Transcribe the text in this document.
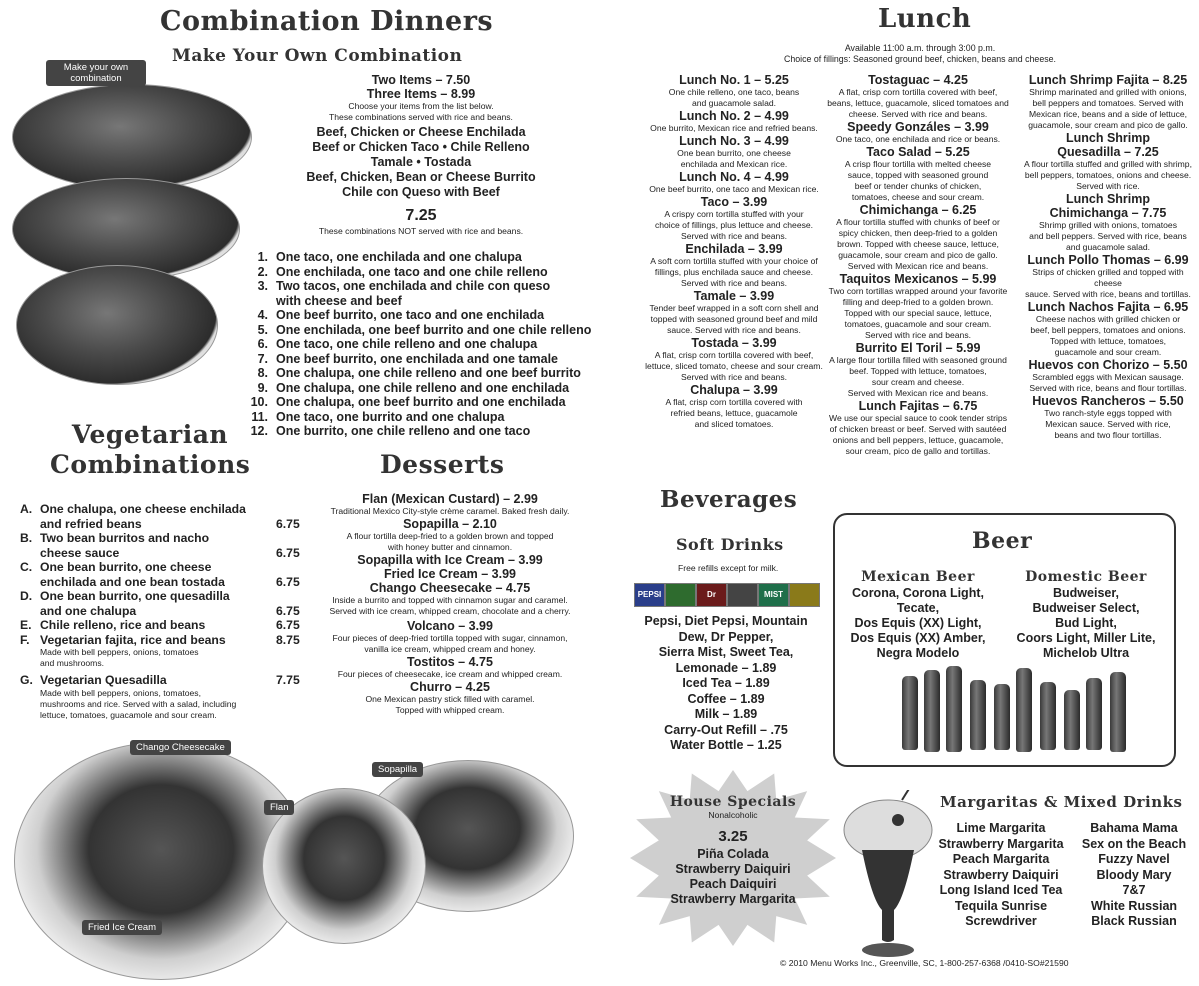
Combination Dinners
Make Your Own Combination
Make your own combination	Two Items – 7.50
Three Items – 8.99
Choose your items from the list below.
These combinations served with rice and beans.
Beef, Chicken or Cheese Enchilada
Beef or Chicken Taco • Chile Relleno
Tamale • Tostada
Beef, Chicken, Bean or Cheese Burrito
Chile con Queso with Beef
7.25
These combinations NOT served with rice and beans.
1. One taco, one enchilada and one chalupa
2. One enchilada, one taco and one chile relleno
3. Two tacos, one enchilada and chile con queso
with cheese and beef
4. One beef burrito, one taco and one enchilada
5. One enchilada, one beef burrito and one chile relleno
6. One taco, one chile relleno and one chalupa
7. One beef burrito, one enchilada and one tamale
8. One chalupa, one chile relleno and one beef burrito
9. One chalupa, one chile relleno and one enchilada
10. One chalupa, one beef burrito and one enchilada
11. One taco, one burrito and one chalupa
12. One burrito, one chile relleno and one taco
Vegetarian
Combinations
A. One chalupa, one cheese enchilada
and refried beans	6.75
B. Two bean burritos and nacho
cheese sauce	6.75
C. One bean burrito, one cheese
enchilada and one bean tostada	6.75
D. One bean burrito, one quesadilla
and one chalupa	6.75
E. Chile relleno, rice and beans	6.75
F. Vegetarian fajita, rice and beans
Made with bell peppers, onions, tomatoes
and mushrooms.
8.75
G. Vegetarian Quesadilla
Made with bell peppers, onions, tomatoes,
mushrooms and rice. Served with a salad, including
lettuce, tomatoes, guacamole and sour cream.
7.75
Desserts
Flan (Mexican Custard) – 2.99
Traditional Mexico City-style crème caramel. Baked fresh daily.
Sopapilla – 2.10
A flour tortilla deep-fried to a golden brown and topped
with honey butter and cinnamon.
Sopapilla with Ice Cream – 3.99
Fried Ice Cream – 3.99
Chango Cheesecake – 4.75
Inside a burrito and topped with cinnamon sugar and caramel.
Served with ice cream, whipped cream, chocolate and a cherry.
Volcano – 3.99
Four pieces of deep-fried tortilla topped with sugar, cinnamon,
vanilla ice cream, whipped cream and honey.
Tostitos – 4.75
Four pieces of cheesecake, ice cream and whipped cream.
Churro – 4.25
One Mexican pastry stick filled with caramel.
Topped with whipped cream.
Chango Cheesecake
Flan
Sopapilla
Fried Ice Cream
Lunch
Available 11:00 a.m. through 3:00 p.m.
Choice of fillings: Seasoned ground beef, chicken, beans and cheese.
Lunch No. 1 – 5.25
One chile relleno, one taco, beans
and guacamole salad.
Lunch No. 2 – 4.99
One burrito, Mexican rice and refried beans.
Lunch No. 3 – 4.99
One bean burrito, one cheese
enchilada and Mexican rice.
Lunch No. 4 – 4.99
One beef burrito, one taco and Mexican rice.
Taco – 3.99
A crispy corn tortilla stuffed with your
choice of fillings, plus lettuce and cheese.
Served with rice and beans.
Enchilada – 3.99
A soft corn tortilla stuffed with your choice of
fillings, plus enchilada sauce and cheese.
Served with rice and beans.
Tamale – 3.99
Tender beef wrapped in a soft corn shell and
topped with seasoned ground beef and mild
sauce. Served with rice and beans.
Tostada – 3.99
A flat, crisp corn tortilla covered with beef,
lettuce, sliced tomato, cheese and sour cream.
Served with rice and beans.
Chalupa – 3.99
A flat, crisp corn tortilla covered with
refried beans, lettuce, guacamole
and sliced tomatoes.
Tostaguac – 4.25
A flat, crisp corn tortilla covered with beef,
beans, lettuce, guacamole, sliced tomatoes and
cheese. Served with rice and beans.
Speedy Gonzáles – 3.99
One taco, one enchilada and rice or beans.
Taco Salad – 5.25
A crisp flour tortilla with melted cheese
sauce, topped with seasoned ground
beef or tender chunks of chicken,
tomatoes, cheese and sour cream.
Chimichanga – 6.25
A flour tortilla stuffed with chunks of beef or
spicy chicken, then deep-fried to a golden
brown. Topped with cheese sauce, lettuce,
guacamole, sour cream and pico de gallo.
Served with Mexican rice and beans.
Taquitos Mexicanos – 5.99
Two corn tortillas wrapped around your favorite
filling and deep-fried to a golden brown.
Topped with our special sauce, lettuce,
tomatoes, guacamole and sour cream.
Served with rice and beans.
Burrito El Toril – 5.99
A large flour tortilla filled with seasoned ground
beef. Topped with lettuce, tomatoes,
sour cream and cheese.
Served with Mexican rice and beans.
Lunch Fajitas – 6.75
We use our special sauce to cook tender strips
of chicken breast or beef. Served with sautéed
onions and bell peppers, lettuce, guacamole,
sour cream, pico de gallo and tortillas.
Lunch Shrimp Fajita – 8.25
Shrimp marinated and grilled with onions,
bell peppers and tomatoes. Served with
Mexican rice, beans and a side of lettuce,
guacamole, sour cream and pico de gallo.
Lunch Shrimp
Quesadilla – 7.25
A flour tortilla stuffed and grilled with shrimp,
bell peppers, tomatoes, onions and cheese.
Served with rice.
Lunch Shrimp
Chimichanga – 7.75
Shrimp grilled with onions, tomatoes
and bell peppers. Served with rice, beans
and guacamole salad.
Lunch Pollo Thomas – 6.99
Strips of chicken grilled and topped with cheese
sauce. Served with rice, beans and tortillas.
Lunch Nachos Fajita – 6.95
Cheese nachos with grilled chicken or
beef, bell peppers, tomatoes and onions.
Topped with lettuce, tomatoes,
guacamole and sour cream.
Huevos con Chorizo – 5.50
Scrambled eggs with Mexican sausage.
Served with rice, beans and flour tortillas.
Huevos Rancheros – 5.50
Two ranch-style eggs topped with
Mexican sauce. Served with rice,
beans and two flour tortillas.
Beverages
Soft Drinks
Free refills except for milk.
PEPSI	Dr	MIST
Pepsi, Diet Pepsi, Mountain
Dew, Dr Pepper,
Sierra Mist, Sweet Tea,
Lemonade – 1.89
Iced Tea – 1.89
Coffee – 1.89
Milk – 1.89
Carry-Out Refill – .75
Water Bottle – 1.25
House Specials
Nonalcoholic
3.25
Piña Colada
Strawberry Daiquiri
Peach Daiquiri
Strawberry Margarita
Beer
Mexican Beer
Corona, Corona Light,
Tecate,
Dos Equis (XX) Light,
Dos Equis (XX) Amber,
Negra Modelo
Domestic Beer
Budweiser,
Budweiser Select,
Bud Light,
Coors Light, Miller Lite,
Michelob Ultra
Margaritas & Mixed Drinks
Lime Margarita
Strawberry Margarita
Peach Margarita
Strawberry Daiquiri
Long Island Iced Tea
Tequila Sunrise
Screwdriver
Bahama Mama
Sex on the Beach
Fuzzy Navel
Bloody Mary
7&7
White Russian
Black Russian
© 2010 Menu Works Inc., Greenville, SC, 1-800-257-6368 /0410-SO#21590
